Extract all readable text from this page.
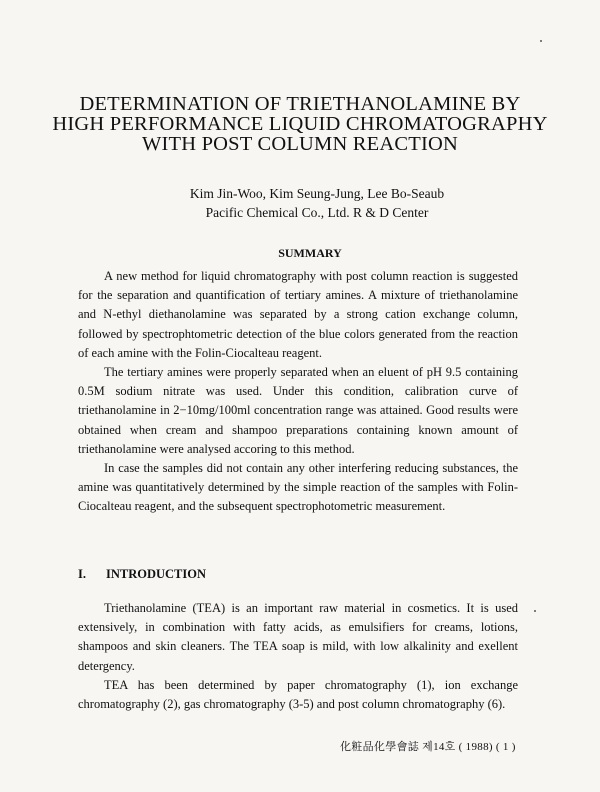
DETERMINATION OF TRIETHANOLAMINE BY
HIGH PERFORMANCE LIQUID CHROMATOGRAPHY
WITH POST COLUMN REACTION
Kim Jin-Woo, Kim Seung-Jung, Lee Bo-Seaub
Pacific Chemical Co., Ltd. R & D Center
SUMMARY

A new method for liquid chromatography with post column reaction is suggested for the separation and quantification of tertiary amines. A mixture of triethanolamine and N-ethyl diethanolamine was separated by a strong cation exchange column, followed by spectrophtometric detection of the blue colors generated from the reaction of each amine with the Folin-Ciocalteau reagent.

The tertiary amines were properly separated when an eluent of pH 9.5 containing 0.5M sodium nitrate was used. Under this condition, calibration curve of triethanolamine in 2−10mg/100ml concentration range was attained. Good results were obtained when cream and shampoo preparations containing known amount of triethanolamine were analysed accoring to this method.

In case the samples did not contain any other interfering reducing substances, the amine was quantitatively determined by the simple reaction of the samples with Folin-Ciocalteau reagent, and the subsequent spectrophotometric measurement.

I. INTRODUCTION

Triethanolamine (TEA) is an important raw material in cosmetics. It is used extensively, in combination with fatty acids, as emulsifiers for creams, lotions, shampoos and skin cleaners. The TEA soap is mild, with low alkalinity and exellent detergency.

TEA has been determined by paper chromatography (1), ion exchange chromatography (2), gas chromatography (3-5) and post column chromatography (6).

化粧品化學會誌 제14호 ( 1988) ( 1 )
